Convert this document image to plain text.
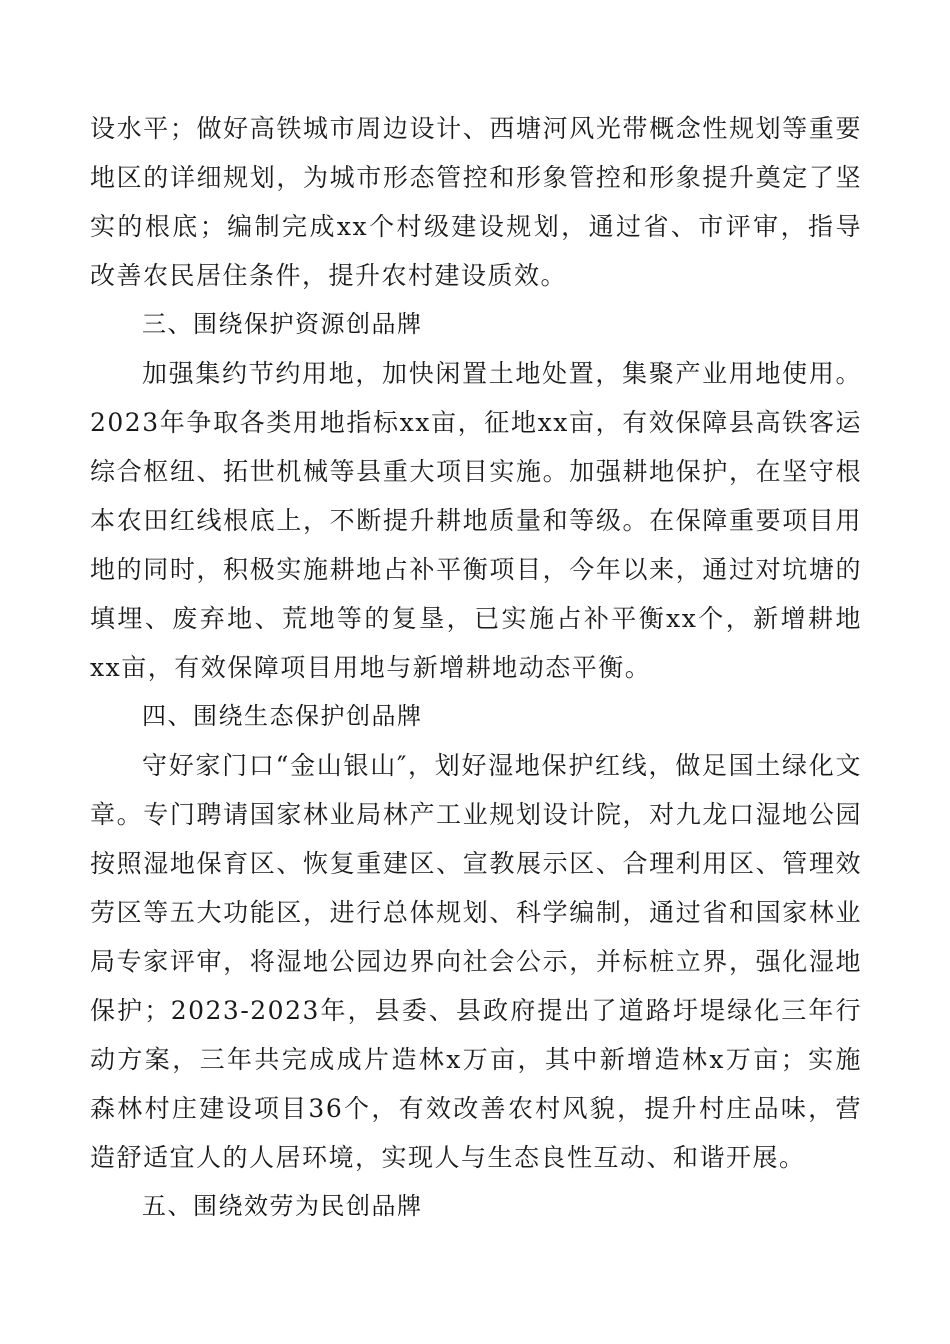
设水平；做好高铁城市周边设计、西塘河风光带概念性规划等重要地区的详细规划，为城市形态管控和形象管控和形象提升奠定了坚实的根底；编制完成xx个村级建设规划，通过省、市评审，指导改善农民居住条件，提升农村建设质效。

三、围绕保护资源创品牌

加强集约节约用地，加快闲置土地处置，集聚产业用地使用。2023年争取各类用地指标xx亩，征地xx亩，有效保障县高铁客运综合枢纽、拓世机械等县重大项目实施。加强耕地保护，在坚守根本农田红线根底上，不断提升耕地质量和等级。在保障重要项目用地的同时，积极实施耕地占补平衡项目，今年以来，通过对坑塘的填埋、废弃地、荒地等的复垦，已实施占补平衡xx个，新增耕地xx亩，有效保障项目用地与新增耕地动态平衡。

四、围绕生态保护创品牌

守好家门口“金山银山″，划好湿地保护红线，做足国土绿化文章。专门聘请国家林业局林产工业规划设计院，对九龙口湿地公园按照湿地保育区、恢复重建区、宣教展示区、合理利用区、管理效劳区等五大功能区，进行总体规划、科学编制，通过省和国家林业局专家评审，将湿地公园边界向社会公示，并标桩立界，强化湿地保护；2023-2023年，县委、县政府提出了道路圩堤绿化三年行动方案，三年共完成成片造林x万亩，其中新增造林x万亩；实施森林村庄建设项目36个，有效改善农村风貌，提升村庄品味，营造舒适宜人的人居环境，实现人与生态良性互动、和谐开展。

五、围绕效劳为民创品牌
